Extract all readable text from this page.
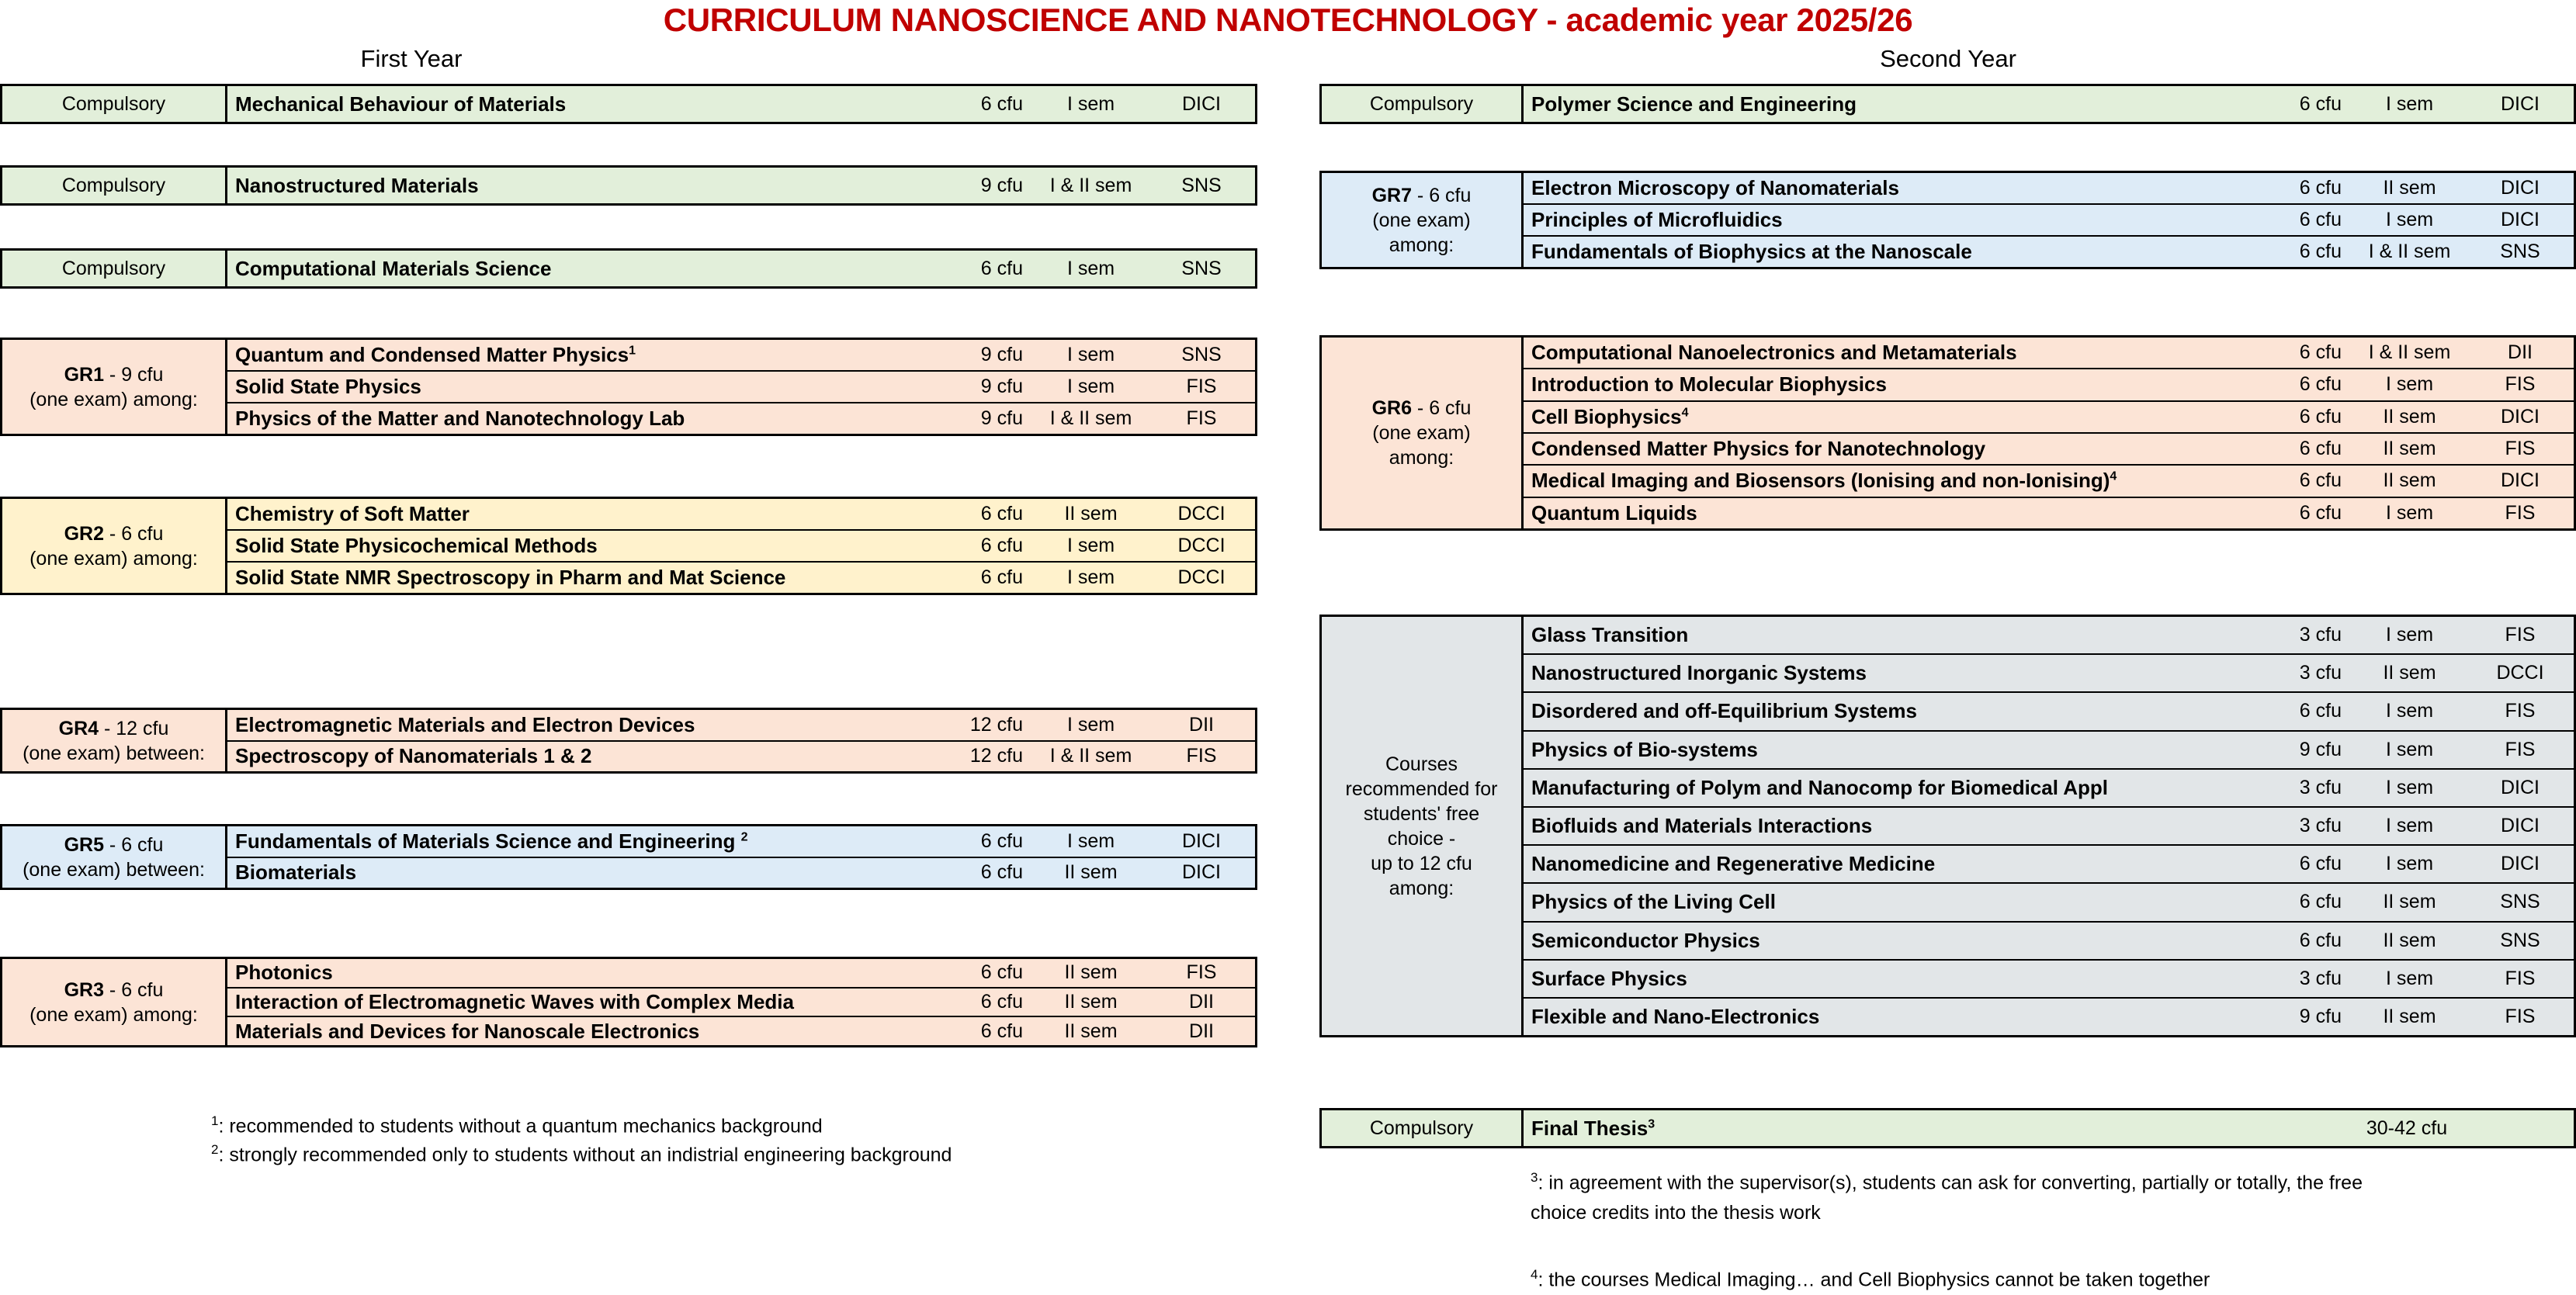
CURRICULUM NANOSCIENCE AND NANOTECHNOLOGY - academic year 2025/26
First Year	Second Year
Compulsory	Mechanical Behaviour of Materials	6 cfu	I sem	DICI
Compulsory	Nanostructured Materials	9 cfu	I & II sem	SNS
Compulsory	Computational Materials Science	6 cfu	I sem	SNS
GR1 - 9 cfu
(one exam) among:
Quantum and Condensed Matter Physics$^1$	9 cfu	I sem	SNS
Solid State Physics	9 cfu	I sem	FIS
Physics of the Matter and Nanotechnology Lab	9 cfu	I & II sem	FIS
GR2 - 6 cfu
(one exam) among:
Chemistry of Soft Matter	6 cfu	II sem	DCCI
Solid State Physicochemical Methods	6 cfu	I sem	DCCI
Solid State NMR Spectroscopy in Pharm and Mat Science	6 cfu	I sem	DCCI
GR4 - 12 cfu
(one exam) between:
Electromagnetic Materials and Electron Devices	12 cfu	I sem	DII
Spectroscopy of Nanomaterials 1 & 2	12 cfu	I & II sem	FIS
GR5 - 6 cfu
(one exam) between:
Fundamentals of Materials Science and Engineering $^2$	6 cfu	I sem	DICI
Biomaterials	6 cfu	II sem	DICI
GR3 - 6 cfu
(one exam) among:
Photonics	6 cfu	II sem	FIS
Interaction of Electromagnetic Waves with Complex Media	6 cfu	II sem	DII
Materials and Devices for Nanoscale Electronics	6 cfu	II sem	DII
Compulsory	Polymer Science and Engineering	6 cfu	I sem	DICI
GR7 - 6 cfu
(one exam)
among:
Electron Microscopy of Nanomaterials	6 cfu	II sem	DICI
Principles of Microfluidics	6 cfu	I sem	DICI
Fundamentals of Biophysics at the Nanoscale	6 cfu	I & II sem	SNS
GR6 - 6 cfu
(one exam)
among:
Computational Nanoelectronics and Metamaterials	6 cfu	I & II sem	DII
Introduction to Molecular Biophysics	6 cfu	I sem	FIS
Cell Biophysics$^4$	6 cfu	II sem	DICI
Condensed Matter Physics for Nanotechnology	6 cfu	II sem	FIS
Medical Imaging and Biosensors (Ionising and non-Ionising)$^4$	6 cfu	II sem	DICI
Quantum Liquids	6 cfu	I sem	FIS
Courses
recommended for
students' free
choice -
up to 12 cfu
among:
Glass Transition	3 cfu	I sem	FIS
Nanostructured Inorganic Systems	3 cfu	II sem	DCCI
Disordered and off-Equilibrium Systems	6 cfu	I sem	FIS
Physics of Bio-systems	9 cfu	I sem	FIS
Manufacturing of Polym and Nanocomp for Biomedical Appl	3 cfu	I sem	DICI
Biofluids and Materials Interactions	3 cfu	I sem	DICI
Nanomedicine and Regenerative Medicine	6 cfu	I sem	DICI
Physics of the Living Cell	6 cfu	II sem	SNS
Semiconductor Physics	6 cfu	II sem	SNS
Surface Physics	3 cfu	I sem	FIS
Flexible and Nano-Electronics	9 cfu	II sem	FIS
Compulsory	Final Thesis$^3$	30-42 cfu
$^1$: recommended to students without a quantum mechanics background
$^2$: strongly recommended only to students without an indistrial engineering background
$^3$: in agreement with the supervisor(s), students can ask for converting, partially or totally, the free
choice credits into the thesis work
$^4$: the courses Medical Imaging… and Cell Biophysics cannot be taken together
